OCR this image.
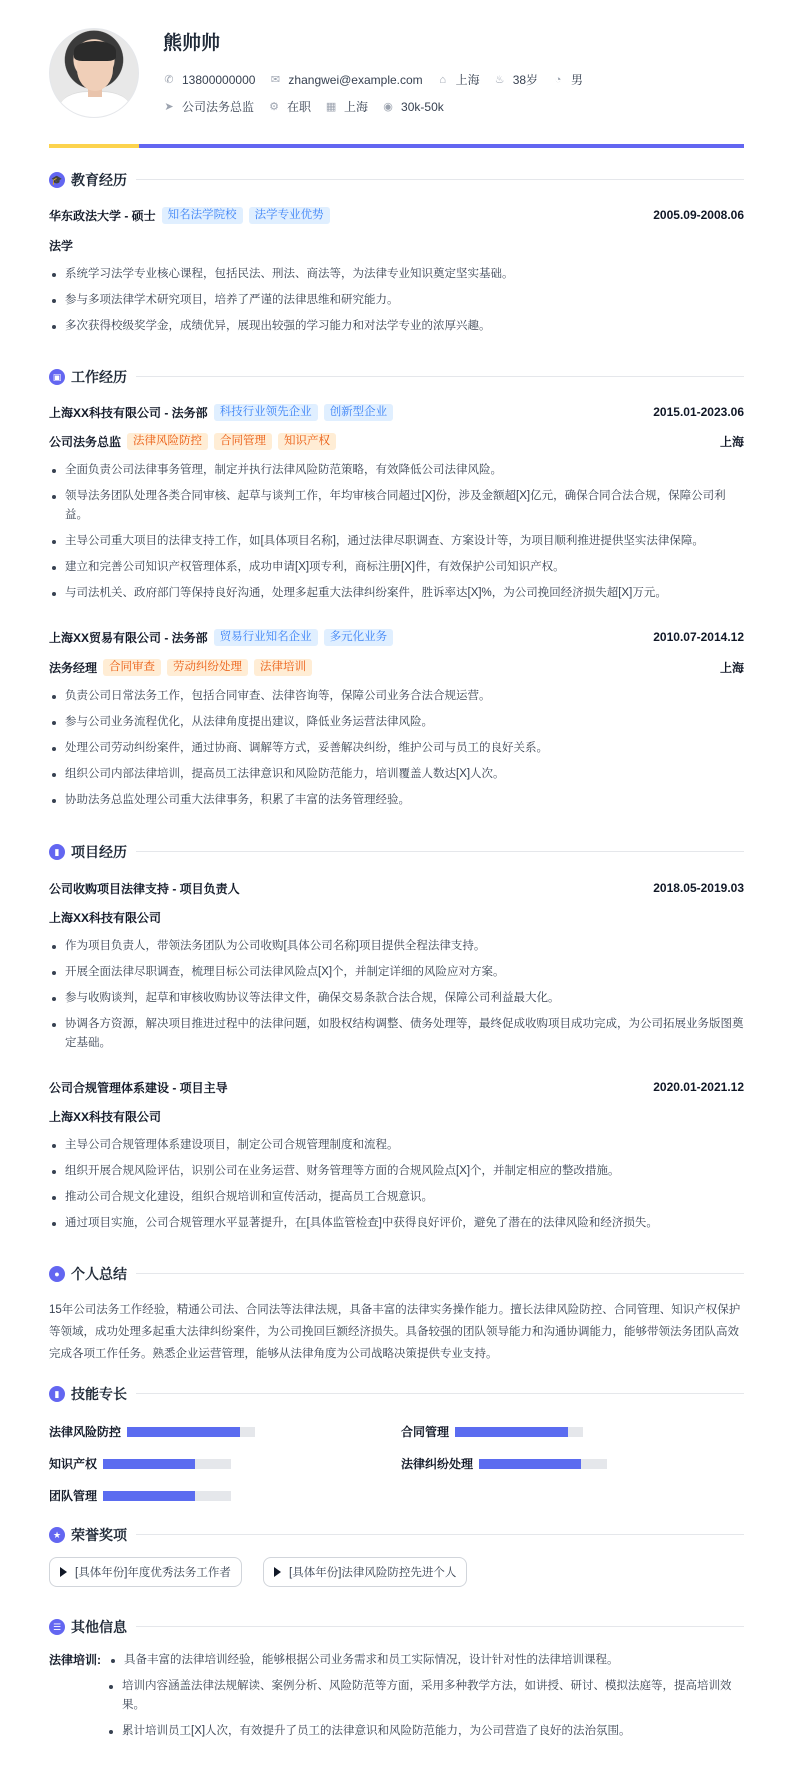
熊帅帅
✆ 13800000000 ✉ zhangwei@example.com ⌂ 上海 ♨ 38岁 ◔ 男
➤ 公司法务总监 ⚙ 在职 ▦ 上海 ◉ 30k-50k
🎓 教育经历
华东政法大学 - 硕士	知名法学院校	法学专业优势	2005.09-2008.06
法学
系统学习法学专业核心课程，包括民法、刑法、商法等，为法律专业知识奠定坚实基础。
参与多项法律学术研究项目，培养了严谨的法律思维和研究能力。
多次获得校级奖学金，成绩优异，展现出较强的学习能力和对法学专业的浓厚兴趣。
▣ 工作经历
上海XX科技有限公司 - 法务部	科技行业领先企业	创新型企业	2015.01-2023.06
公司法务总监	法律风险防控	合同管理	知识产权	上海
全面负责公司法律事务管理，制定并执行法律风险防范策略，有效降低公司法律风险。
领导法务团队处理各类合同审核、起草与谈判工作，年均审核合同超过[X]份，涉及金额超[X]亿元，确保合同合法合规，保障公司利益。
主导公司重大项目的法律支持工作，如[具体项目名称]，通过法律尽职调查、方案设计等，为项目顺利推进提供坚实法律保障。
建立和完善公司知识产权管理体系，成功申请[X]项专利，商标注册[X]件，有效保护公司知识产权。
与司法机关、政府部门等保持良好沟通，处理多起重大法律纠纷案件，胜诉率达[X]%，为公司挽回经济损失超[X]万元。
上海XX贸易有限公司 - 法务部	贸易行业知名企业	多元化业务	2010.07-2014.12
法务经理	合同审查	劳动纠纷处理	法律培训	上海
负责公司日常法务工作，包括合同审查、法律咨询等，保障公司业务合法合规运营。
参与公司业务流程优化，从法律角度提出建议，降低业务运营法律风险。
处理公司劳动纠纷案件，通过协商、调解等方式，妥善解决纠纷，维护公司与员工的良好关系。
组织公司内部法律培训，提高员工法律意识和风险防范能力，培训覆盖人数达[X]人次。
协助法务总监处理公司重大法律事务，积累了丰富的法务管理经验。
▮ 项目经历
公司收购项目法律支持 - 项目负责人	2018.05-2019.03
上海XX科技有限公司
作为项目负责人，带领法务团队为公司收购[具体公司名称]项目提供全程法律支持。
开展全面法律尽职调查，梳理目标公司法律风险点[X]个，并制定详细的风险应对方案。
参与收购谈判，起草和审核收购协议等法律文件，确保交易条款合法合规，保障公司利益最大化。
协调各方资源，解决项目推进过程中的法律问题，如股权结构调整、债务处理等，最终促成收购项目成功完成，为公司拓展业务版图奠定基础。
公司合规管理体系建设 - 项目主导	2020.01-2021.12
上海XX科技有限公司
主导公司合规管理体系建设项目，制定公司合规管理制度和流程。
组织开展合规风险评估，识别公司在业务运营、财务管理等方面的合规风险点[X]个，并制定相应的整改措施。
推动公司合规文化建设，组织合规培训和宣传活动，提高员工合规意识。
通过项目实施，公司合规管理水平显著提升，在[具体监管检查]中获得良好评价，避免了潜在的法律风险和经济损失。
● 个人总结
15年公司法务工作经验，精通公司法、合同法等法律法规，具备丰富的法律实务操作能力。擅长法律风险防控、合同管理、知识产权保护等领域，成功处理多起重大法律纠纷案件，为公司挽回巨额经济损失。具备较强的团队领导能力和沟通协调能力，能够带领法务团队高效完成各项工作任务。熟悉企业运营管理，能够从法律角度为公司战略决策提供专业支持。
▮ 技能专长
法律风险防控	合同管理
知识产权	法律纠纷处理
团队管理
★ 荣誉奖项
[具体年份]年度优秀法务工作者	[具体年份]法律风险防控先进个人
☰ 其他信息
法律培训:	具备丰富的法律培训经验，能够根据公司业务需求和员工实际情况，设计针对性的法律培训课程。
培训内容涵盖法律法规解读、案例分析、风险防范等方面，采用多种教学方法，如讲授、研讨、模拟法庭等，提高培训效果。
累计培训员工[X]人次，有效提升了员工的法律意识和风险防范能力，为公司营造了良好的法治氛围。
